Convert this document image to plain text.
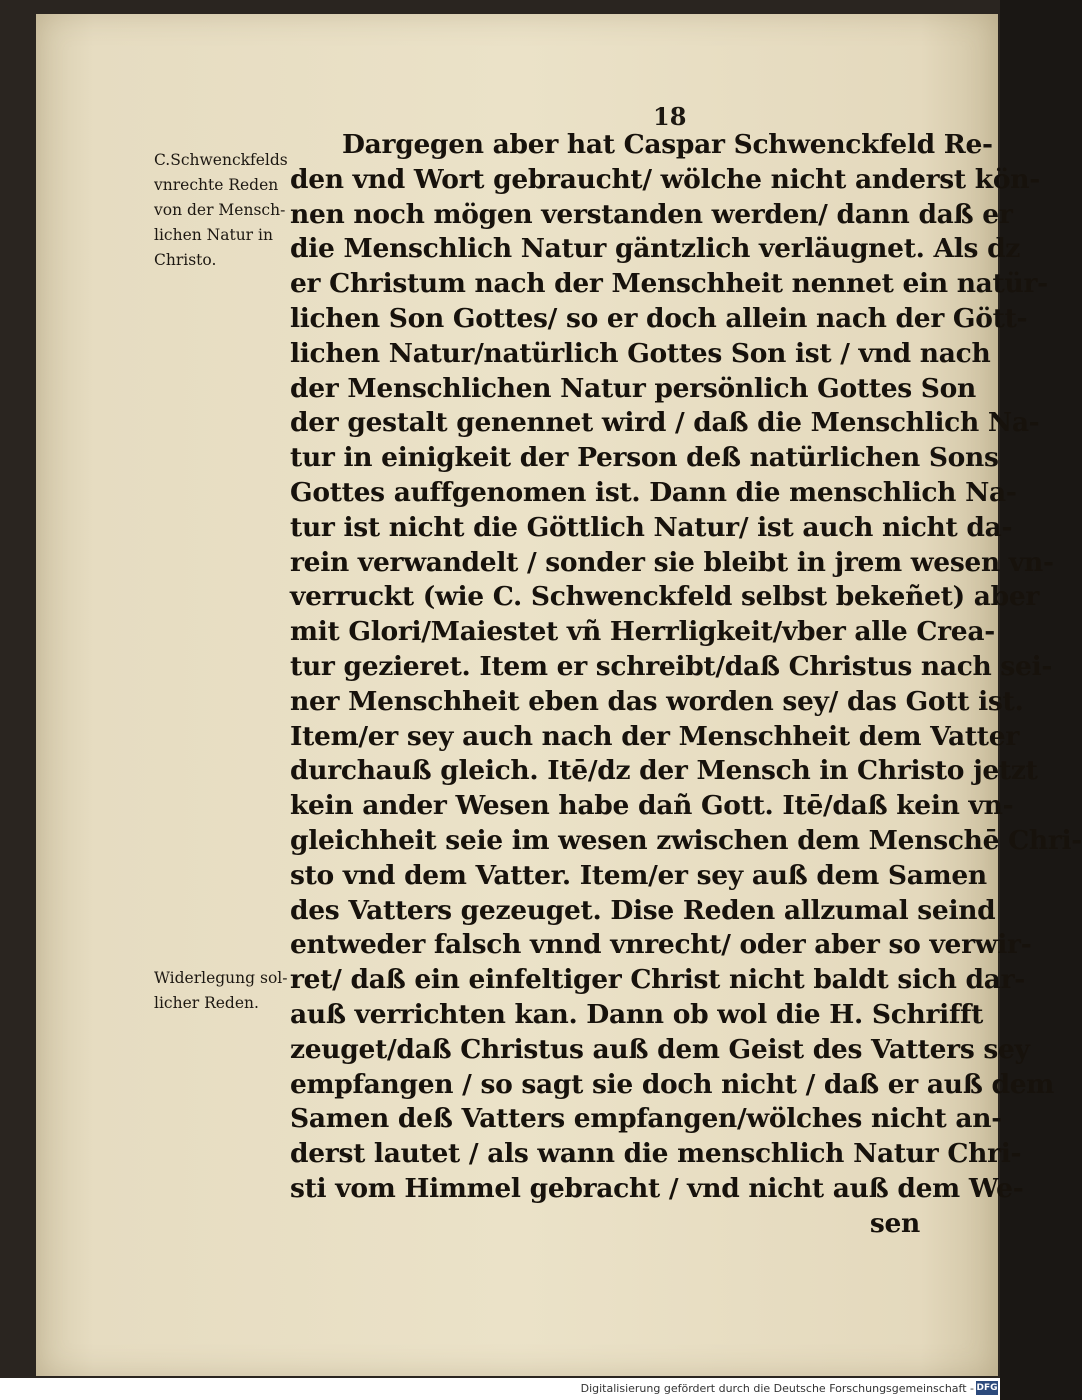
18
C.Schwenckfelds
vnrechte Reden
von der Mensch-
lichen Natur in
Christo.
Widerlegung sol-
licher Reden.
Dargegen aber hat Caspar Schwenckfeld Re-
den vnd Wort gebraucht/ wölche nicht anderst kön-
nen noch mögen verstanden werden/ dann daß er
die Menschlich Natur gäntzlich verläugnet. Als dz
er Christum nach der Menschheit nennet ein natür-
lichen Son Gottes/ so er doch allein nach der Gött-
lichen Natur/natürlich Gottes Son ist / vnd nach
der Menschlichen Natur persönlich Gottes Son
der gestalt genennet wird / daß die Menschlich Na-
tur in einigkeit der Person deß natürlichen Sons
Gottes auffgenomen ist. Dann die menschlich Na-
tur ist nicht die Göttlich Natur/ ist auch nicht da-
rein verwandelt / sonder sie bleibt in jrem wesen vn-
verruckt (wie C. Schwenckfeld selbst bekeñet) aber
mit Glori/Maiestet vñ Herrligkeit/vber alle Crea-
tur gezieret. Item er schreibt/daß Christus nach sei-
ner Menschheit eben das worden sey/ das Gott ist.
Item/er sey auch nach der Menschheit dem Vatter
durchauß gleich. Itē/dz der Mensch in Christo jetzt
kein ander Wesen habe dañ Gott. Itē/daß kein vn-
gleichheit seie im wesen zwischen dem Menschē Chri-
sto vnd dem Vatter. Item/er sey auß dem Samen
des Vatters gezeuget. Dise Reden allzumal seind
entweder falsch vnnd vnrecht/ oder aber so verwir-
ret/ daß ein einfeltiger Christ nicht baldt sich dar-
auß verrichten kan. Dann ob wol die H. Schrifft
zeuget/daß Christus auß dem Geist des Vatters sey
empfangen / so sagt sie doch nicht / daß er auß dem
Samen deß Vatters empfangen/wölches nicht an-
derst lautet / als wann die menschlich Natur Chri-
sti vom Himmel gebracht / vnd nicht auß dem We-
sen
Digitalisierung gefördert durch die Deutsche Forschungsgemeinschaft - DFG
